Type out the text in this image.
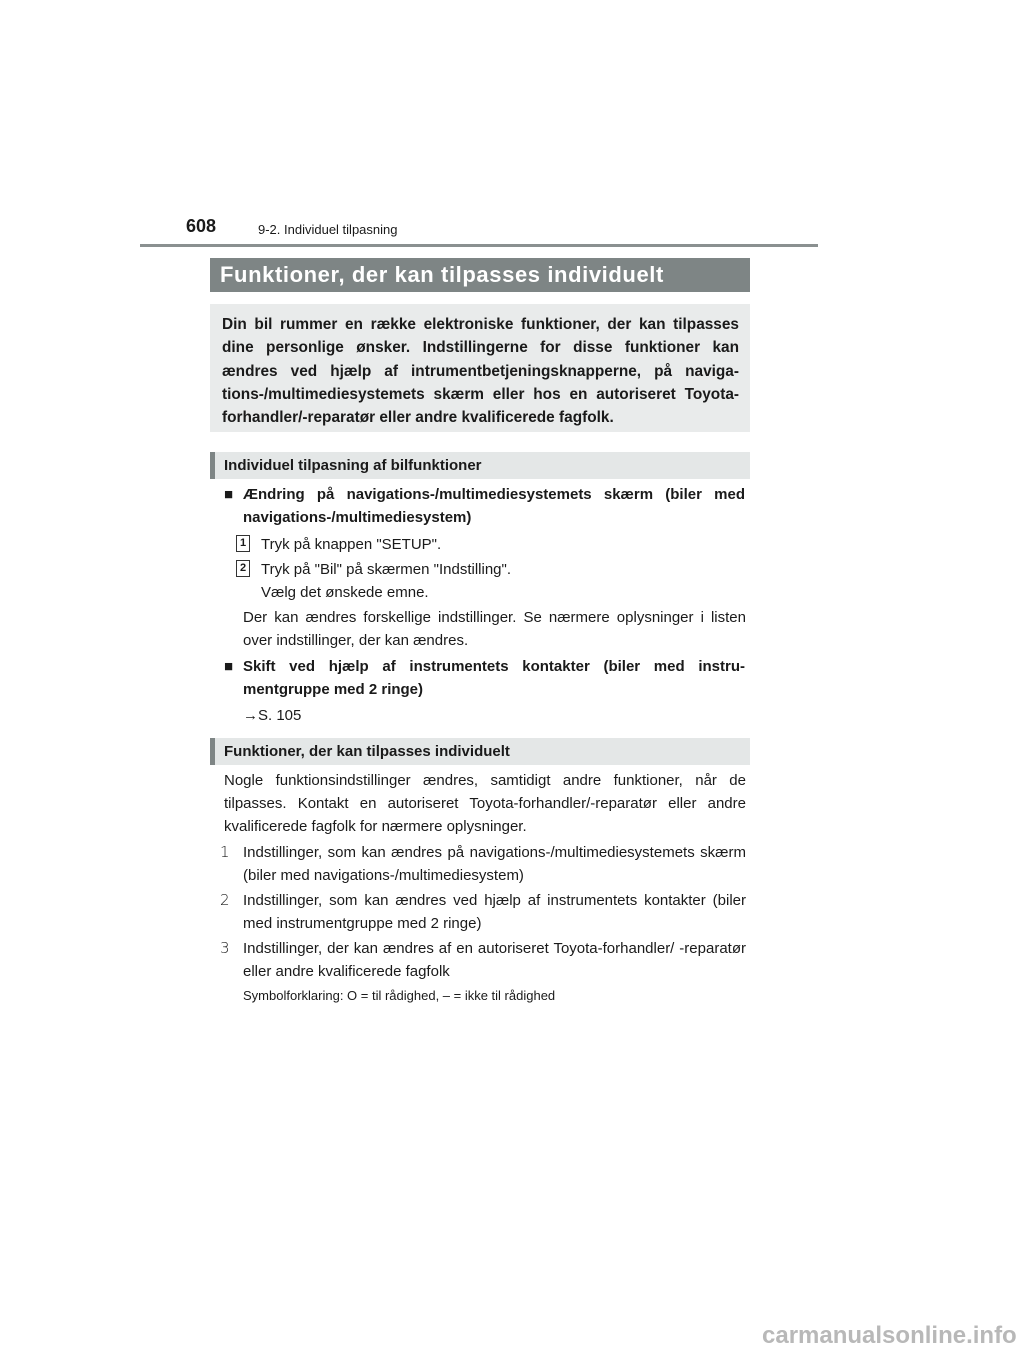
608	9-2. Individuel tilpasning
Funktioner, der kan tilpasses individuelt
Din bil rummer en række elektroniske funktioner, der kan tilpasses dine personlige ønsker. Indstillingerne for disse funktioner kan ændres ved hjælp af intrumentbetjeningsknapperne, på naviga-tions-/multimediesystemets skærm eller hos en autoriseret Toyota-forhandler/-reparatør eller andre kvalificerede fagfolk.
Individuel tilpasning af bilfunktioner
■ Ændring på navigations-/multimediesystemets skærm (biler med navigations-/multimediesystem)
1 Tryk på knappen "SETUP".
2 Tryk på "Bil" på skærmen "Indstilling".
Vælg det ønskede emne.
Der kan ændres forskellige indstillinger. Se nærmere oplysninger i listen over indstillinger, der kan ændres.
■ Skift ved hjælp af instrumentets kontakter (biler med instru-mentgruppe med 2 ringe)
→S. 105
Funktioner, der kan tilpasses individuelt
Nogle funktionsindstillinger ændres, samtidigt andre funktioner, når de tilpasses. Kontakt en autoriseret Toyota-forhandler/-reparatør eller andre kvalificerede fagfolk for nærmere oplysninger.
1 Indstillinger, som kan ændres på navigations-/multimediesystemets skærm (biler med navigations-/multimediesystem)
2 Indstillinger, som kan ændres ved hjælp af instrumentets kontakter (biler med instrumentgruppe med 2 ringe)
3 Indstillinger, der kan ændres af en autoriseret Toyota-forhandler/ -reparatør eller andre kvalificerede fagfolk
Symbolforklaring: O = til rådighed, – = ikke til rådighed
carmanualsonline.info
